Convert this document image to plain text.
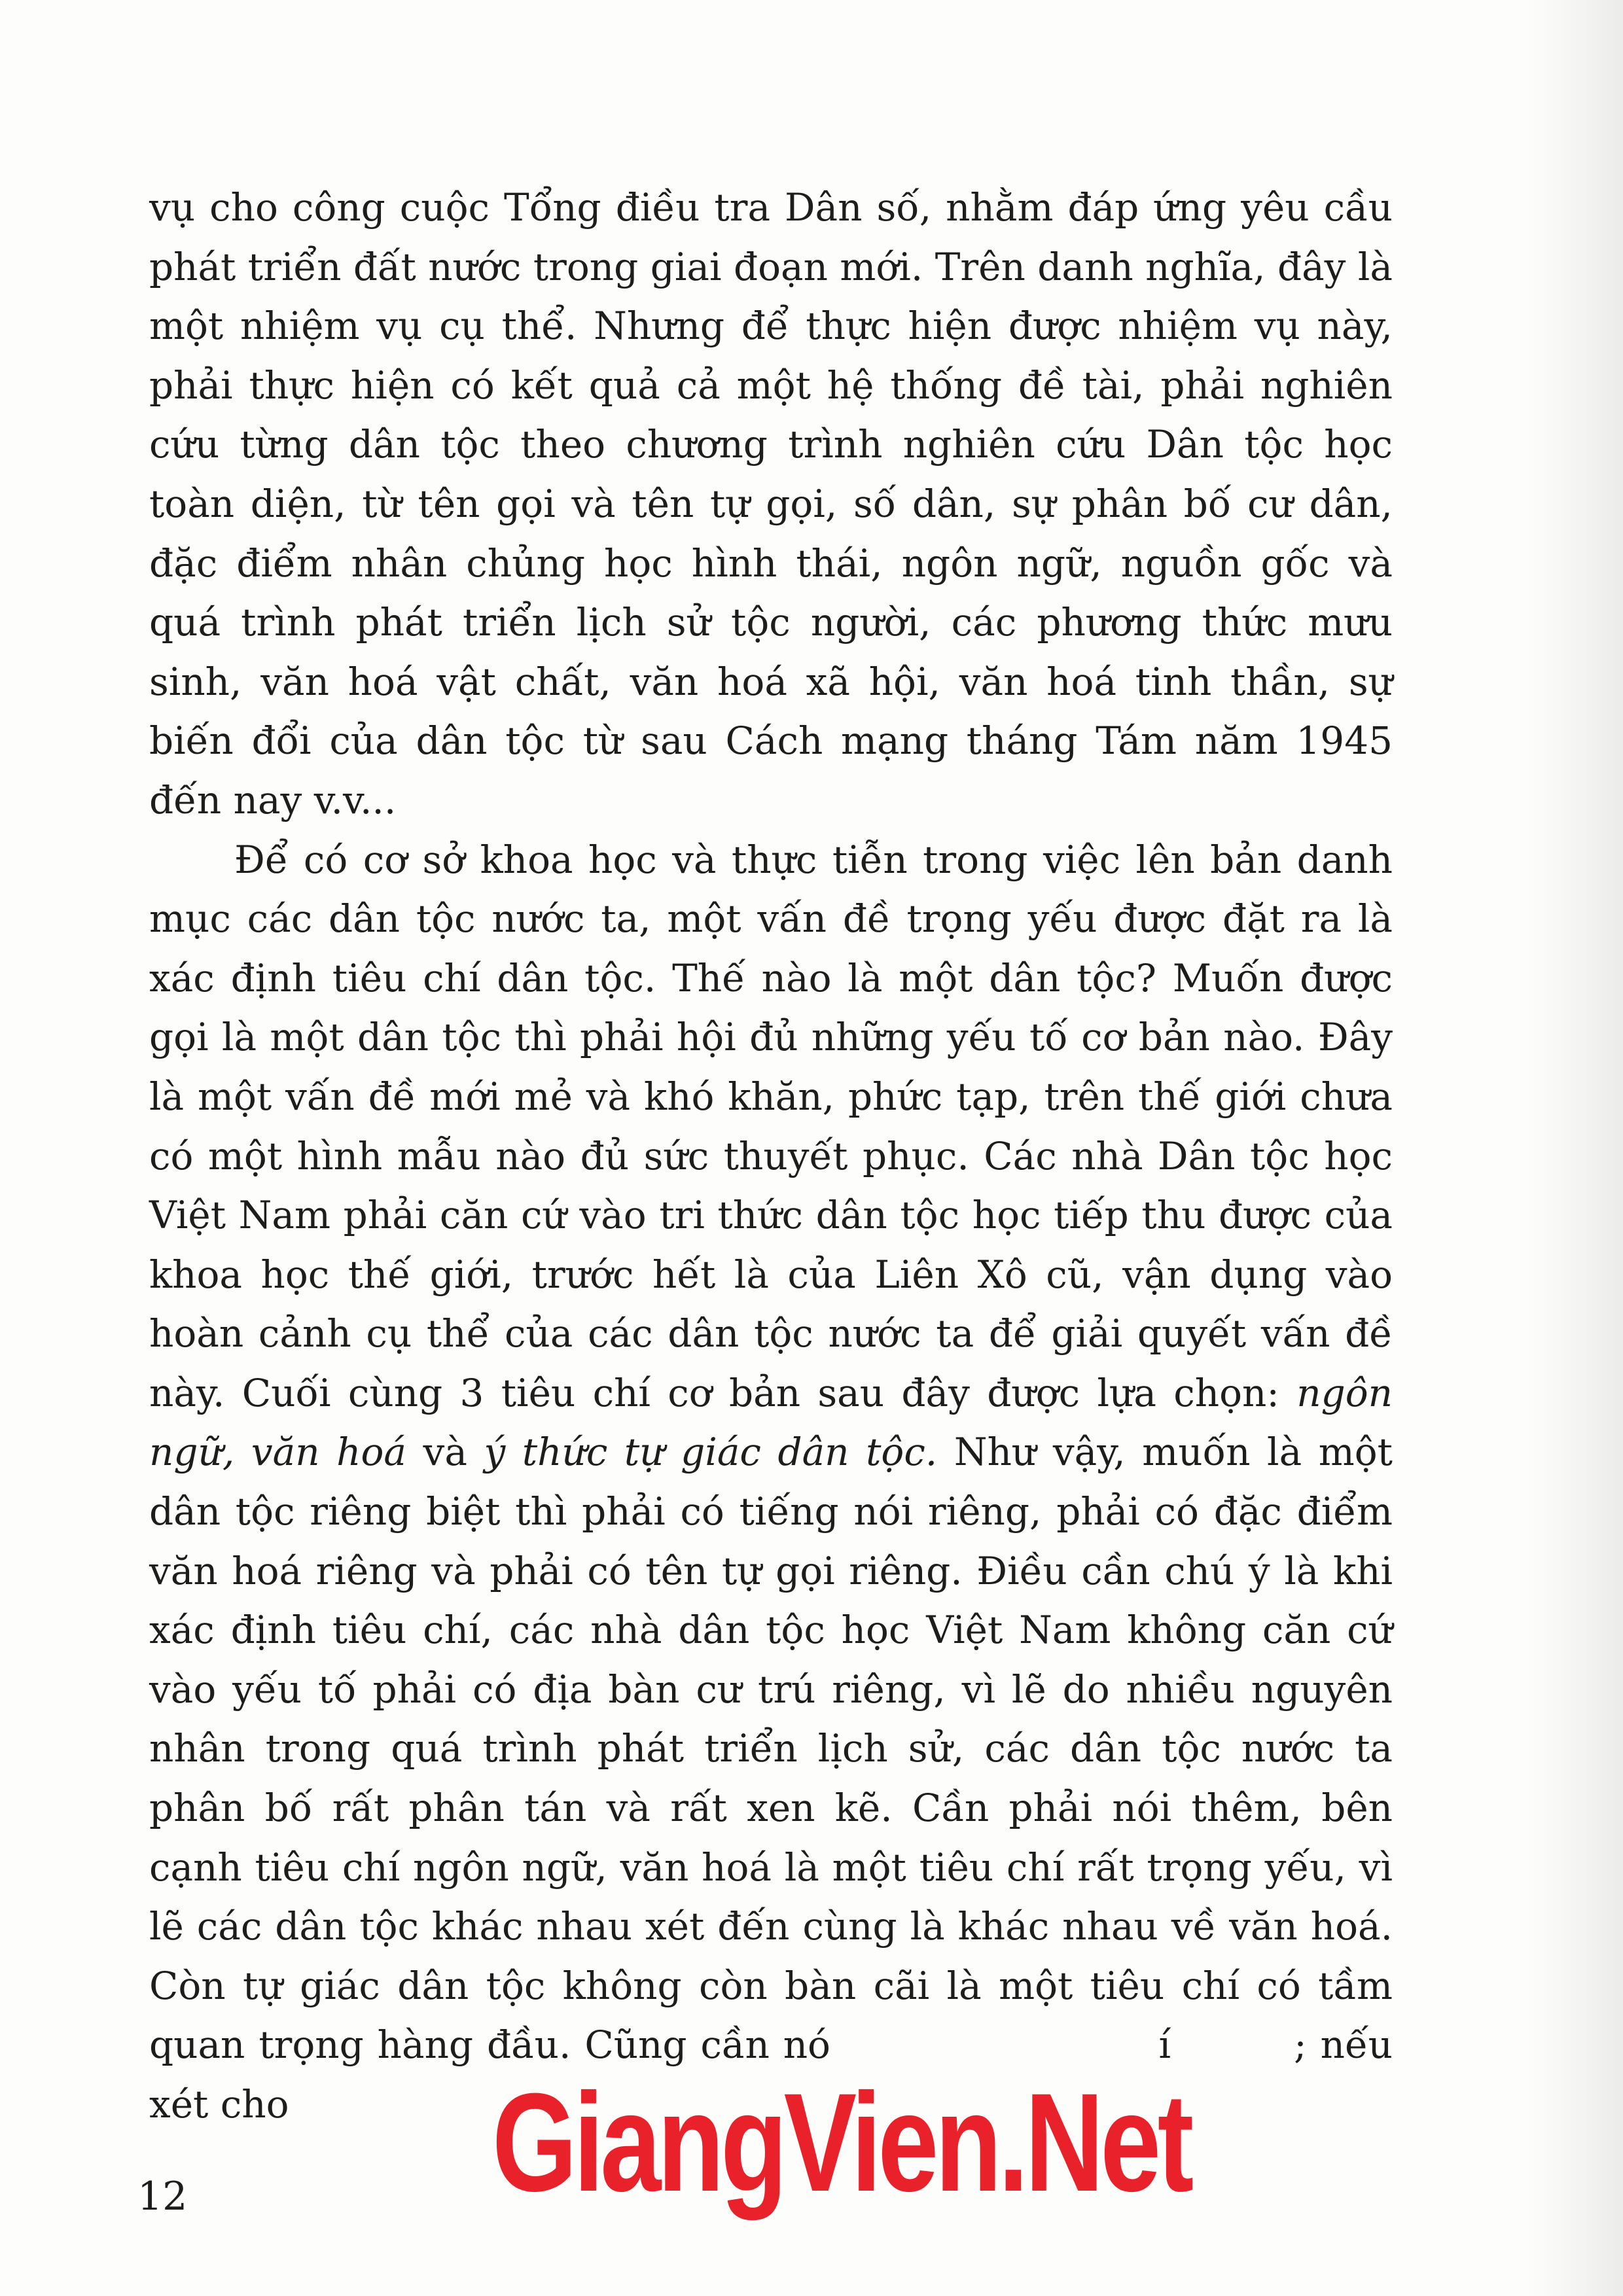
vụ cho công cuộc Tổng điều tra Dân số, nhằm đáp ứng yêu cầu phát triển đất nước trong giai đoạn mới. Trên danh nghĩa, đây là một nhiệm vụ cụ thể. Nhưng để thực hiện được nhiệm vụ này, phải thực hiện có kết quả cả một hệ thống đề tài, phải nghiên cứu từng dân tộc theo chương trình nghiên cứu Dân tộc học toàn diện, từ tên gọi và tên tự gọi, số dân, sự phân bố cư dân, đặc điểm nhân chủng học hình thái, ngôn ngữ, nguồn gốc và quá trình phát triển lịch sử tộc người, các phương thức mưu sinh, văn hoá vật chất, văn hoá xã hội, văn hoá tinh thần, sự biến đổi của dân tộc từ sau Cách mạng tháng Tám năm 1945 đến nay v.v...

Để có cơ sở khoa học và thực tiễn trong việc lên bản danh mục các dân tộc nước ta, một vấn đề trọng yếu được đặt ra là xác định tiêu chí dân tộc. Thế nào là một dân tộc? Muốn được gọi là một dân tộc thì phải hội đủ những yếu tố cơ bản nào. Đây là một vấn đề mới mẻ và khó khăn, phức tạp, trên thế giới chưa có một hình mẫu nào đủ sức thuyết phục. Các nhà Dân tộc học Việt Nam phải căn cứ vào tri thức dân tộc học tiếp thu được của khoa học thế giới, trước hết là của Liên Xô cũ, vận dụng vào hoàn cảnh cụ thể của các dân tộc nước ta để giải quyết vấn đề này. Cuối cùng 3 tiêu chí cơ bản sau đây được lựa chọn: ngôn ngữ, văn hoá và ý thức tự giác dân tộc. Như vậy, muốn là một dân tộc riêng biệt thì phải có tiếng nói riêng, phải có đặc điểm văn hoá riêng và phải có tên tự gọi riêng. Điều cần chú ý là khi xác định tiêu chí, các nhà dân tộc học Việt Nam không căn cứ vào yếu tố phải có địa bàn cư trú riêng, vì lẽ do nhiều nguyên nhân trong quá trình phát triển lịch sử, các dân tộc nước ta phân bố rất phân tán và rất xen kẽ. Cần phải nói thêm, bên cạnh tiêu chí ngôn ngữ, văn hoá là một tiêu chí rất trọng yếu, vì lẽ các dân tộc khác nhau xét đến cùng là khác nhau về văn hoá. Còn tự giác dân tộc không còn bàn cãi là một tiêu chí có tầm quan trọng hàng đầu. Cũng cần nó	í	; nếu xét cho

12 GiangVien.Net
